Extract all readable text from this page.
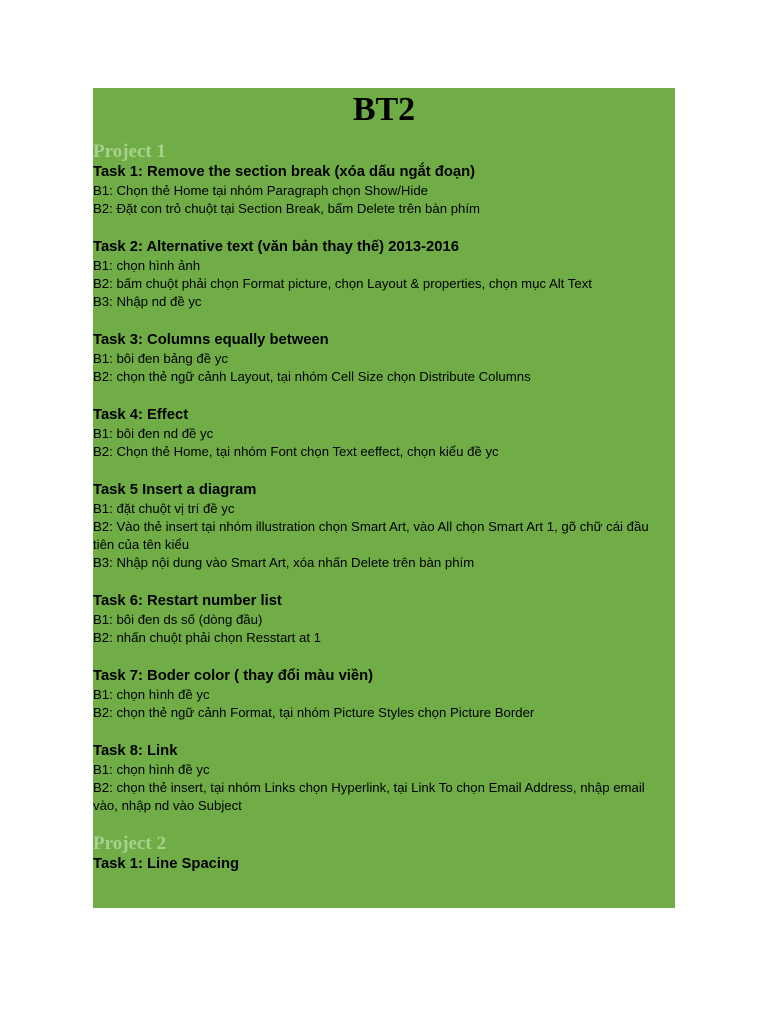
BT2
Project 1
Task 1: Remove the section break (xóa dấu ngắt đoạn)
B1: Chọn thẻ Home tại nhóm Paragraph chọn Show/Hide
B2: Đặt con trỏ chuột tại Section Break, bấm Delete trên bàn phím
Task 2: Alternative text (văn bản thay thế) 2013-2016
B1: chọn hình ảnh
B2: bấm chuột phải chọn Format picture, chọn Layout & properties, chọn mục Alt Text
B3: Nhập nd đề yc
Task 3: Columns equally between
B1: bôi đen bảng đề yc
B2: chọn thẻ ngữ cảnh Layout, tại nhóm Cell Size chọn Distribute Columns
Task 4: Effect
B1: bôi đen nd đề yc
B2: Chọn thẻ Home, tại nhóm Font chọn Text eeffect, chọn kiểu đề yc
Task 5 Insert a diagram
B1: đặt chuột vị trí đề yc
B2: Vào thẻ insert tại nhóm illustration chọn Smart Art, vào All chọn Smart Art 1, gõ chữ cái đầu tiên của tên kiểu
B3: Nhập nội dung vào Smart Art, xóa nhấn Delete trên bàn phím
Task 6: Restart number list
B1: bôi đen ds số (dòng đầu)
B2: nhấn chuột phải chọn Resstart at 1
Task 7: Boder color ( thay đổi màu viền)
B1: chọn hình đề yc
B2: chọn thẻ ngữ cảnh Format, tại nhóm Picture Styles chọn Picture Border
Task 8: Link
B1: chọn hình đề yc
B2: chọn thẻ insert, tại nhóm Links chọn Hyperlink, tại Link To chọn Email Address, nhập email vào, nhập nd vào Subject
Project 2
Task 1: Line Spacing
